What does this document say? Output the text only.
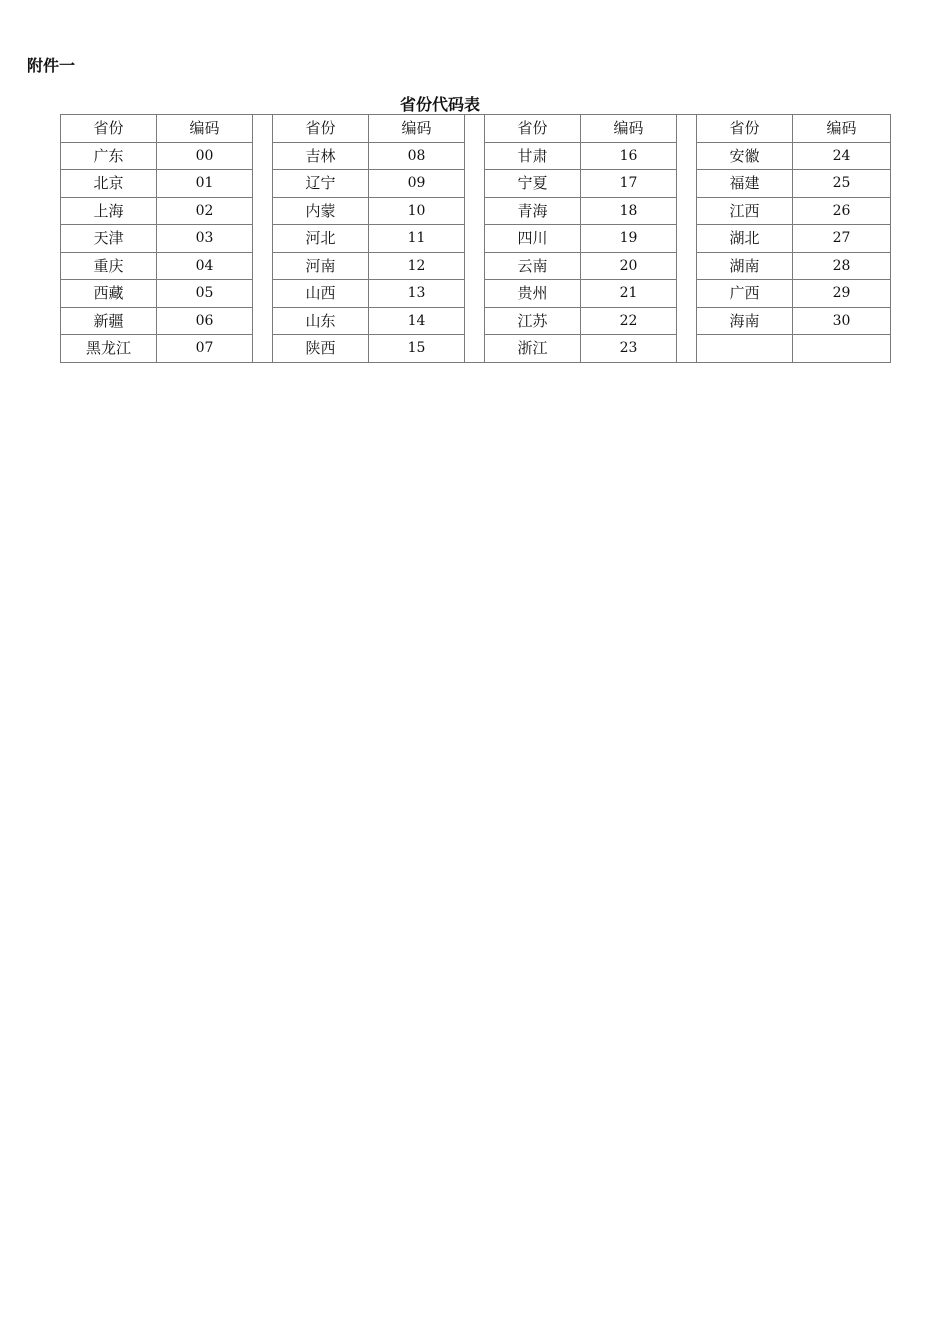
附件一
省份代码表
省份	编码		省份	编码		省份	编码		省份	编码
广东	00		吉林	08		甘肃	16		安徽	24
北京	01		辽宁	09		宁夏	17		福建	25
上海	02		内蒙	10		青海	18		江西	26
天津	03		河北	11		四川	19		湖北	27
重庆	04		河南	12		云南	20		湖南	28
西藏	05		山西	13		贵州	21		广西	29
新疆	06		山东	14		江苏	22		海南	30
黑龙江	07		陕西	15		浙江	23			
